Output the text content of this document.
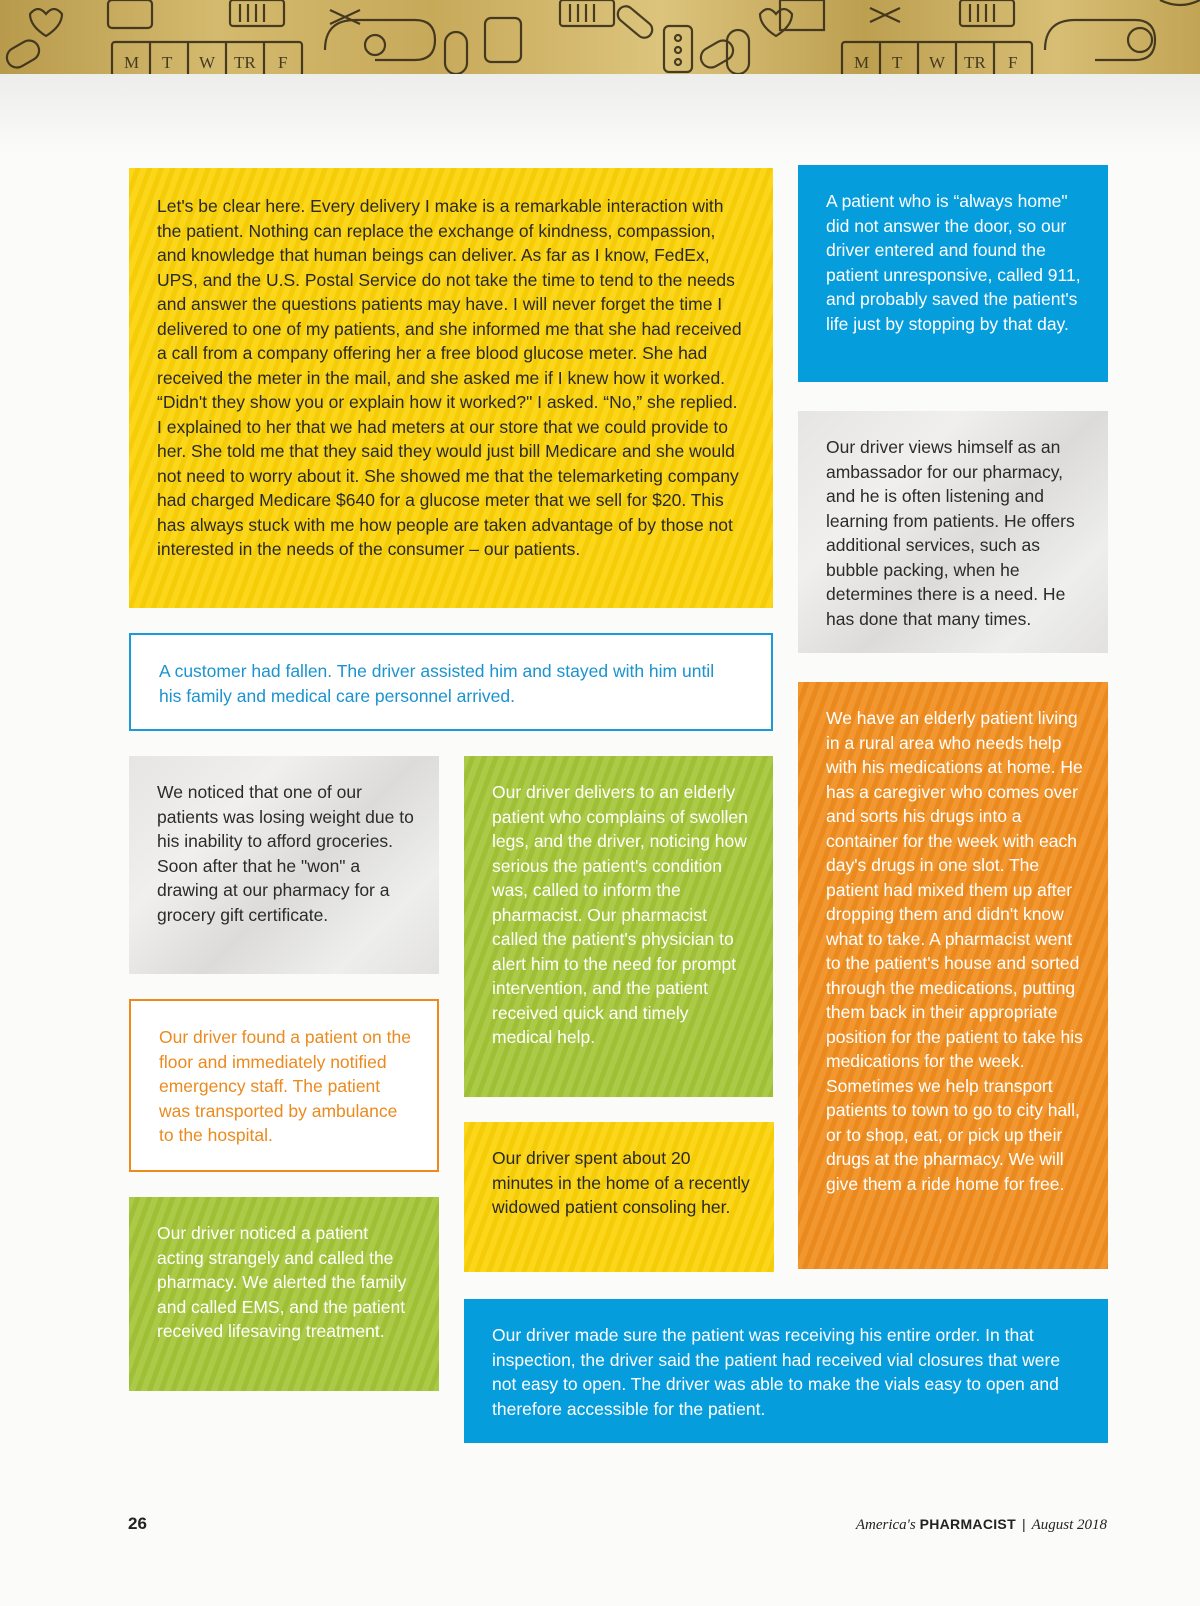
M T W TR F	M T W TR F

Let's be clear here. Every delivery I make is a remarkable interaction with the patient. Nothing can replace the exchange of kindness, compassion, and knowledge that human beings can deliver. As far as I know, FedEx, UPS, and the U.S. Postal Service do not take the time to tend to the needs and answer the questions patients may have. I will never forget the time I delivered to one of my patients, and she informed me that she had received a call from a company offering her a free blood glucose meter. She had received the meter in the mail, and she asked me if I knew how it worked. “Didn't they show you or explain how it worked?" I asked. “No,” she replied. I explained to her that we had meters at our store that we could provide to her. She told me that they said they would just bill Medicare and she would not need to worry about it. She showed me that the telemarketing company had charged Medicare $640 for a glucose meter that we sell for $20. This has always stuck with me how people are taken advantage of by those not interested in the needs of the consumer – our patients.

A patient who is “always home" did not answer the door, so our driver entered and found the patient unresponsive, called 911, and probably saved the patient's life just by stopping by that day.

Our driver views himself as an ambassador for our pharmacy, and he is often listening and learning from patients. He offers additional services, such as bubble packing, when he determines there is a need. He has done that many times.

A customer had fallen. The driver assisted him and stayed with him until his family and medical care personnel arrived.

We have an elderly patient living in a rural area who needs help with his medications at home. He has a caregiver who comes over and sorts his drugs into a container for the week with each day's drugs in one slot. The patient had mixed them up after dropping them and didn't know what to take. A pharmacist went to the patient's house and sorted through the medications, putting them back in their appropriate position for the patient to take his medications for the week. Sometimes we help transport patients to town to go to city hall, or to shop, eat, or pick up their drugs at the pharmacy. We will give them a ride home for free.

We noticed that one of our patients was losing weight due to his inability to afford groceries. Soon after that he "won" a drawing at our pharmacy for a grocery gift certificate.

Our driver delivers to an elderly patient who complains of swollen legs, and the driver, noticing how serious the patient's condition was, called to inform the pharmacist. Our pharmacist called the patient's physician to alert him to the need for prompt intervention, and the patient received quick and timely medical help.

Our driver found a patient on the floor and immediately notified emergency staff. The patient was transported by ambulance to the hospital.

Our driver spent about 20 minutes in the home of a recently widowed patient consoling her.

Our driver noticed a patient acting strangely and called the pharmacy. We alerted the family and called EMS, and the patient received lifesaving treatment.	Our driver made sure the patient was receiving his entire order. In that inspection, the driver said the patient had received vial closures that were not easy to open. The driver was able to make the vials easy to open and therefore accessible for the patient.

26	America's PHARMACIST | August 2018
